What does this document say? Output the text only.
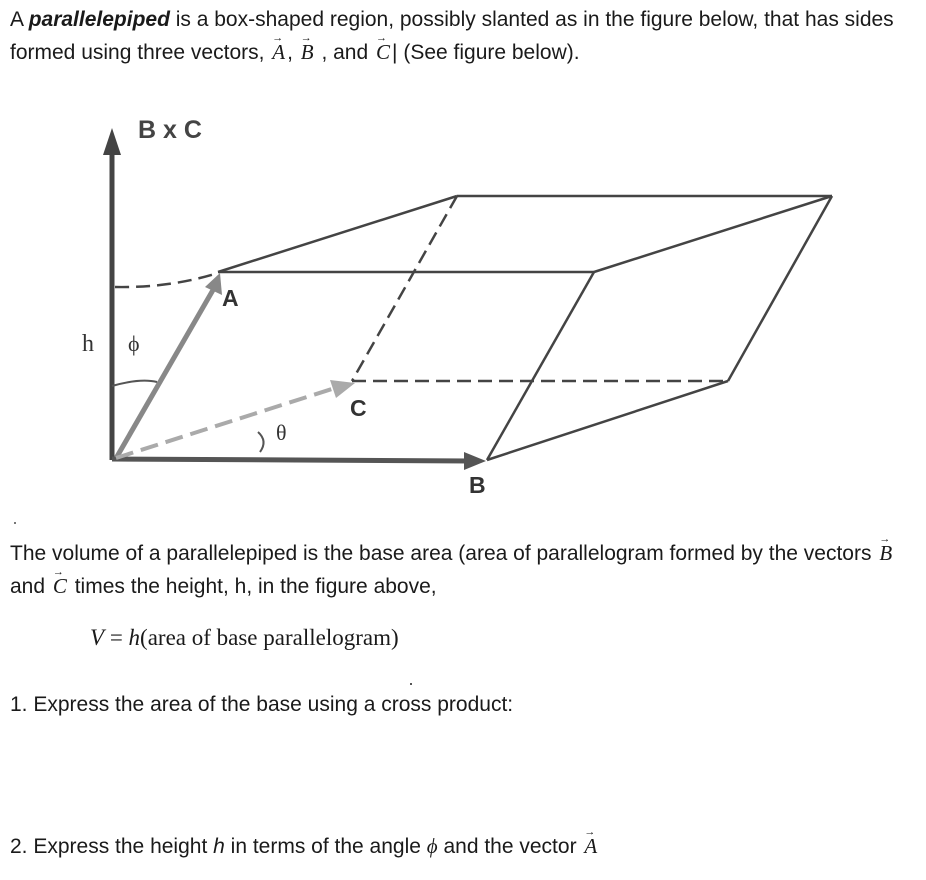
A parallelepiped is a box-shaped region, possibly slanted as in the figure below, that has sides formed using three vectors, → A, → B , and → C| (See figure below).
B x C
A
B
C
h ϕ
θ
The volume of a parallelepiped is the base area (area of parallelogram formed by the vectors → B and → C times the height, h, in the figure above,
V = h(area of base parallelogram)
1. Express the area of the base using a cross product:
2. Express the height h in terms of the angle ϕ and the vector → A
